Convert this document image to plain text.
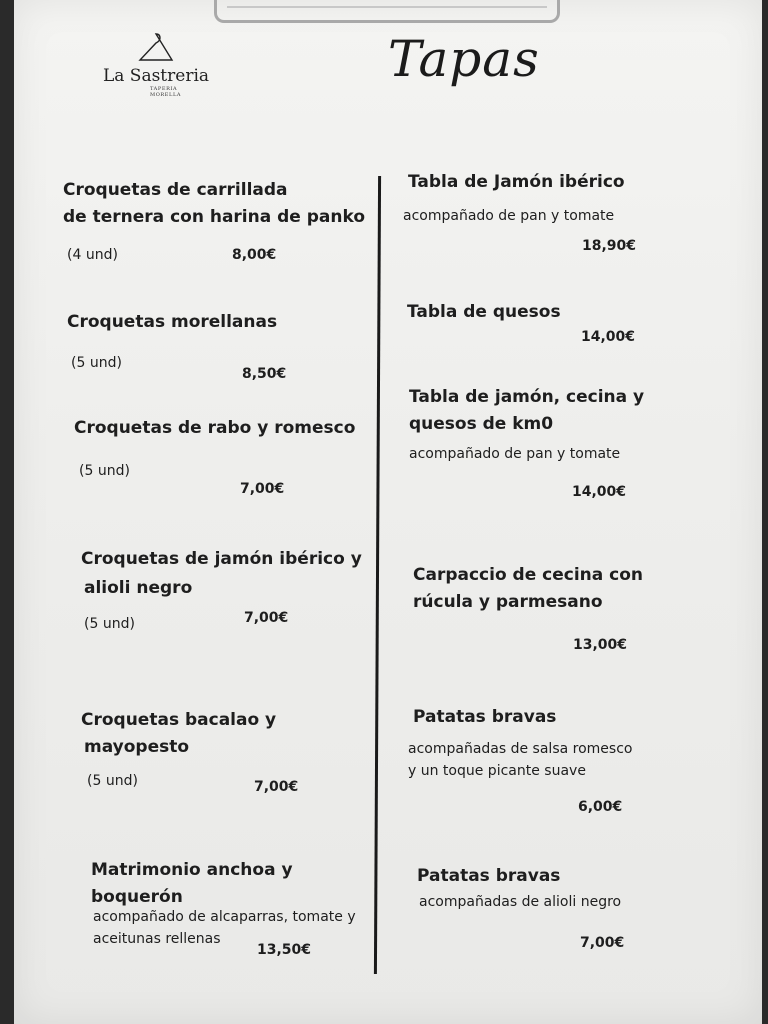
La Sastreria
TAPERIA MORELLA
Tapas
Croquetas de carrillada
de ternera con harina de panko
(4 und)	8,00€
Croquetas morellanas
(5 und)
8,50€
Croquetas de rabo y romesco
(5 und)
7,00€
Croquetas de jamón ibérico y
alioli negro
(5 und)	7,00€
Croquetas bacalao y
mayopesto
(5 und)	7,00€
Matrimonio anchoa y
boquerón
acompañado de alcaparras, tomate y
aceitunas rellenas
13,50€
Tabla de Jamón ibérico
acompañado de pan y tomate
18,90€
Tabla de quesos
14,00€
Tabla de jamón, cecina y
quesos de km0
acompañado de pan y tomate
14,00€
Carpaccio de cecina con
rúcula y parmesano
13,00€
Patatas bravas
acompañadas de salsa romesco
y un toque picante suave
6,00€
Patatas bravas
acompañadas de alioli negro
7,00€
